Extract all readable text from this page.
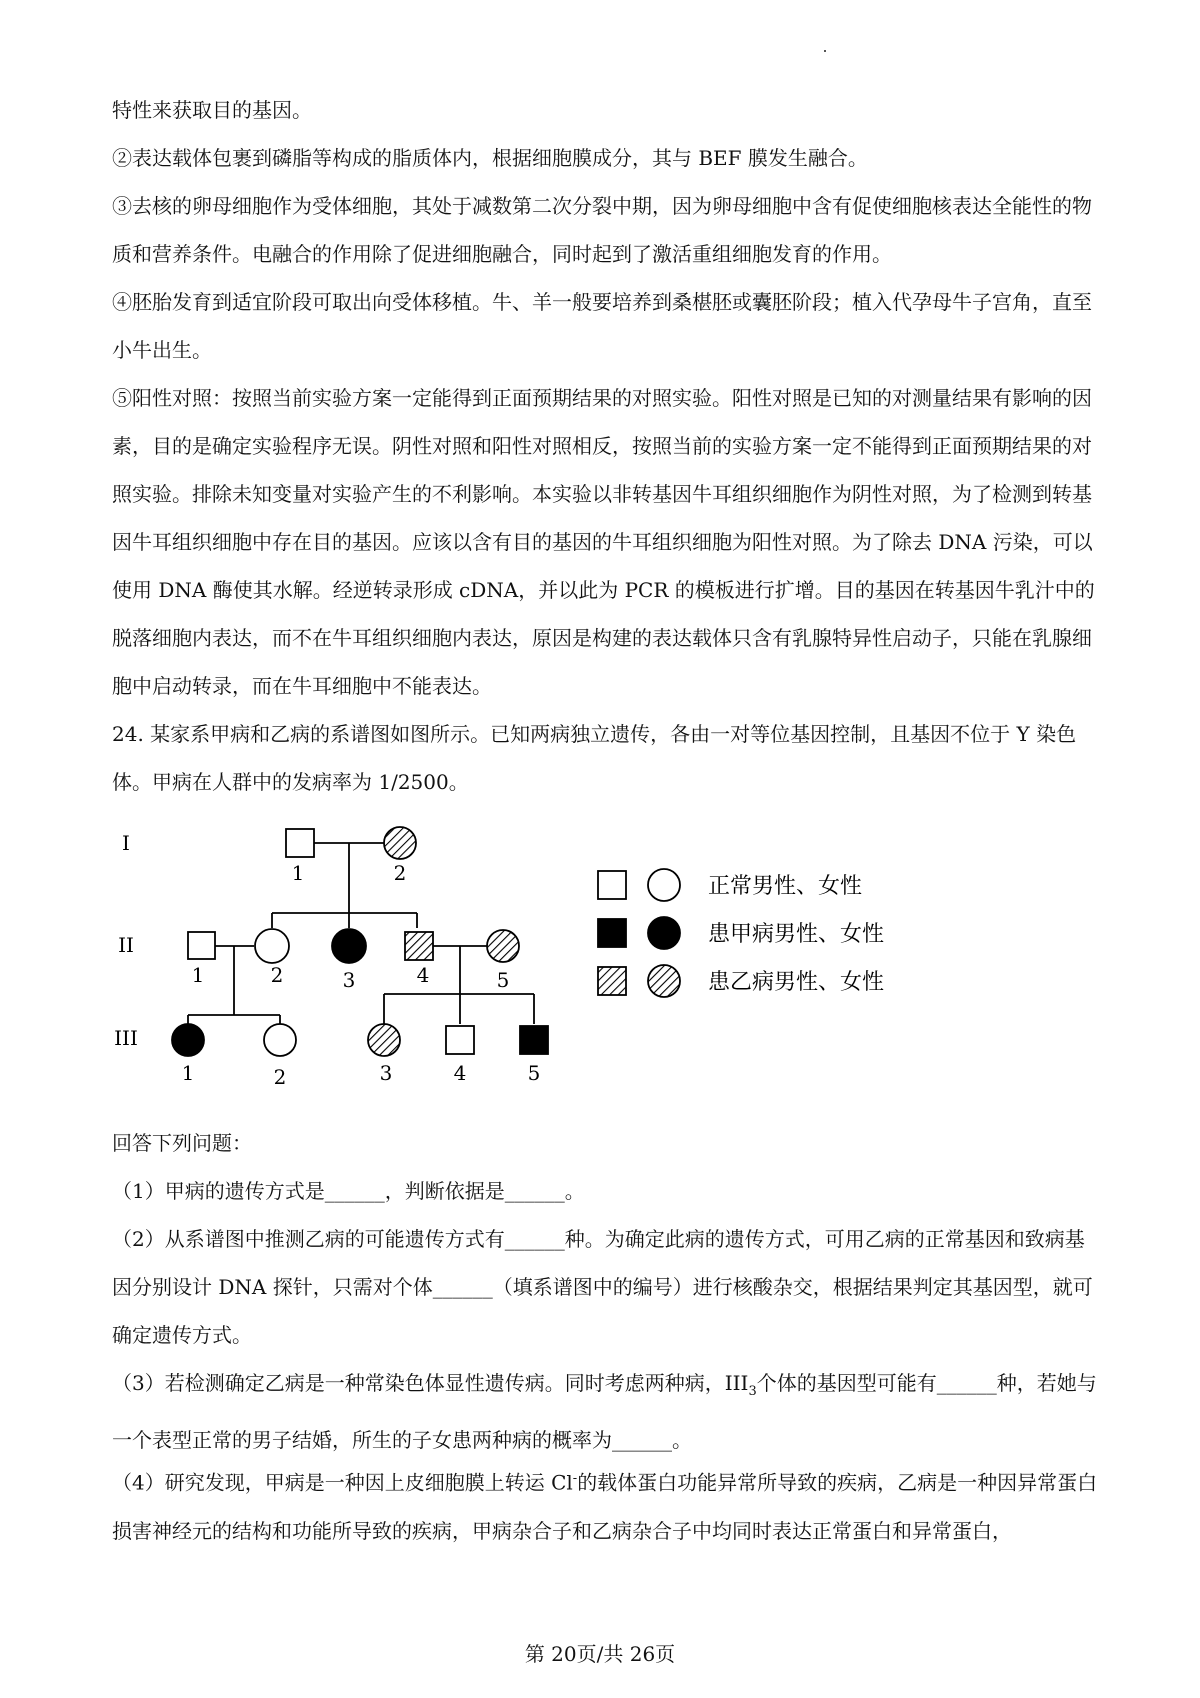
特性来获取目的基因。

②表达载体包裹到磷脂等构成的脂质体内，根据细胞膜成分，其与 BEF 膜发生融合。

③去核的卵母细胞作为受体细胞，其处于减数第二次分裂中期，因为卵母细胞中含有促使细胞核表达全能性的物质和营养条件。电融合的作用除了促进细胞融合，同时起到了激活重组细胞发育的作用。

④胚胎发育到适宜阶段可取出向受体移植。牛、羊一般要培养到桑椹胚或囊胚阶段；植入代孕母牛子宫角，直至小牛出生。

⑤阳性对照：按照当前实验方案一定能得到正面预期结果的对照实验。阳性对照是已知的对测量结果有影响的因素，目的是确定实验程序无误。阴性对照和阳性对照相反，按照当前的实验方案一定不能得到正面预期结果的对照实验。排除未知变量对实验产生的不利影响。本实验以非转基因牛耳组织细胞作为阴性对照，为了检测到转基因牛耳组织细胞中存在目的基因。应该以含有目的基因的牛耳组织细胞为阳性对照。为了除去 DNA 污染，可以使用 DNA 酶使其水解。经逆转录形成 cDNA，并以此为 PCR 的模板进行扩增。目的基因在转基因牛乳汁中的脱落细胞内表达，而不在牛耳组织细胞内表达，原因是构建的表达载体只含有乳腺特异性启动子，只能在乳腺细胞中启动转录，而在牛耳细胞中不能表达。

24. 某家系甲病和乙病的系谱图如图所示。已知两病独立遗传，各由一对等位基因控制，且基因不位于 Y 染色体。甲病在人群中的发病率为 1/2500。

I
II
III
1	2
1	2	3	4	5
1	2	3	4	5
正常男性、女性
患甲病男性、女性
患乙病男性、女性

回答下列问题：

（1）甲病的遗传方式是______，判断依据是______。

（2）从系谱图中推测乙病的可能遗传方式有______种。为确定此病的遗传方式，可用乙病的正常基因和致病基因分别设计 DNA 探针，只需对个体______（填系谱图中的编号）进行核酸杂交，根据结果判定其基因型，就可确定遗传方式。

（3）若检测确定乙病是一种常染色体显性遗传病。同时考虑两种病，$III_3$个体的基因型可能有______种，若她与一个表型正常的男子结婚，所生的子女患两种病的概率为______。

（4）研究发现，甲病是一种因上皮细胞膜上转运 Cl-的载体蛋白功能异常所导致的疾病，乙病是一种因异常蛋白损害神经元的结构和功能所导致的疾病，甲病杂合子和乙病杂合子中均同时表达正常蛋白和异常蛋白，

第 20页/共 26页
